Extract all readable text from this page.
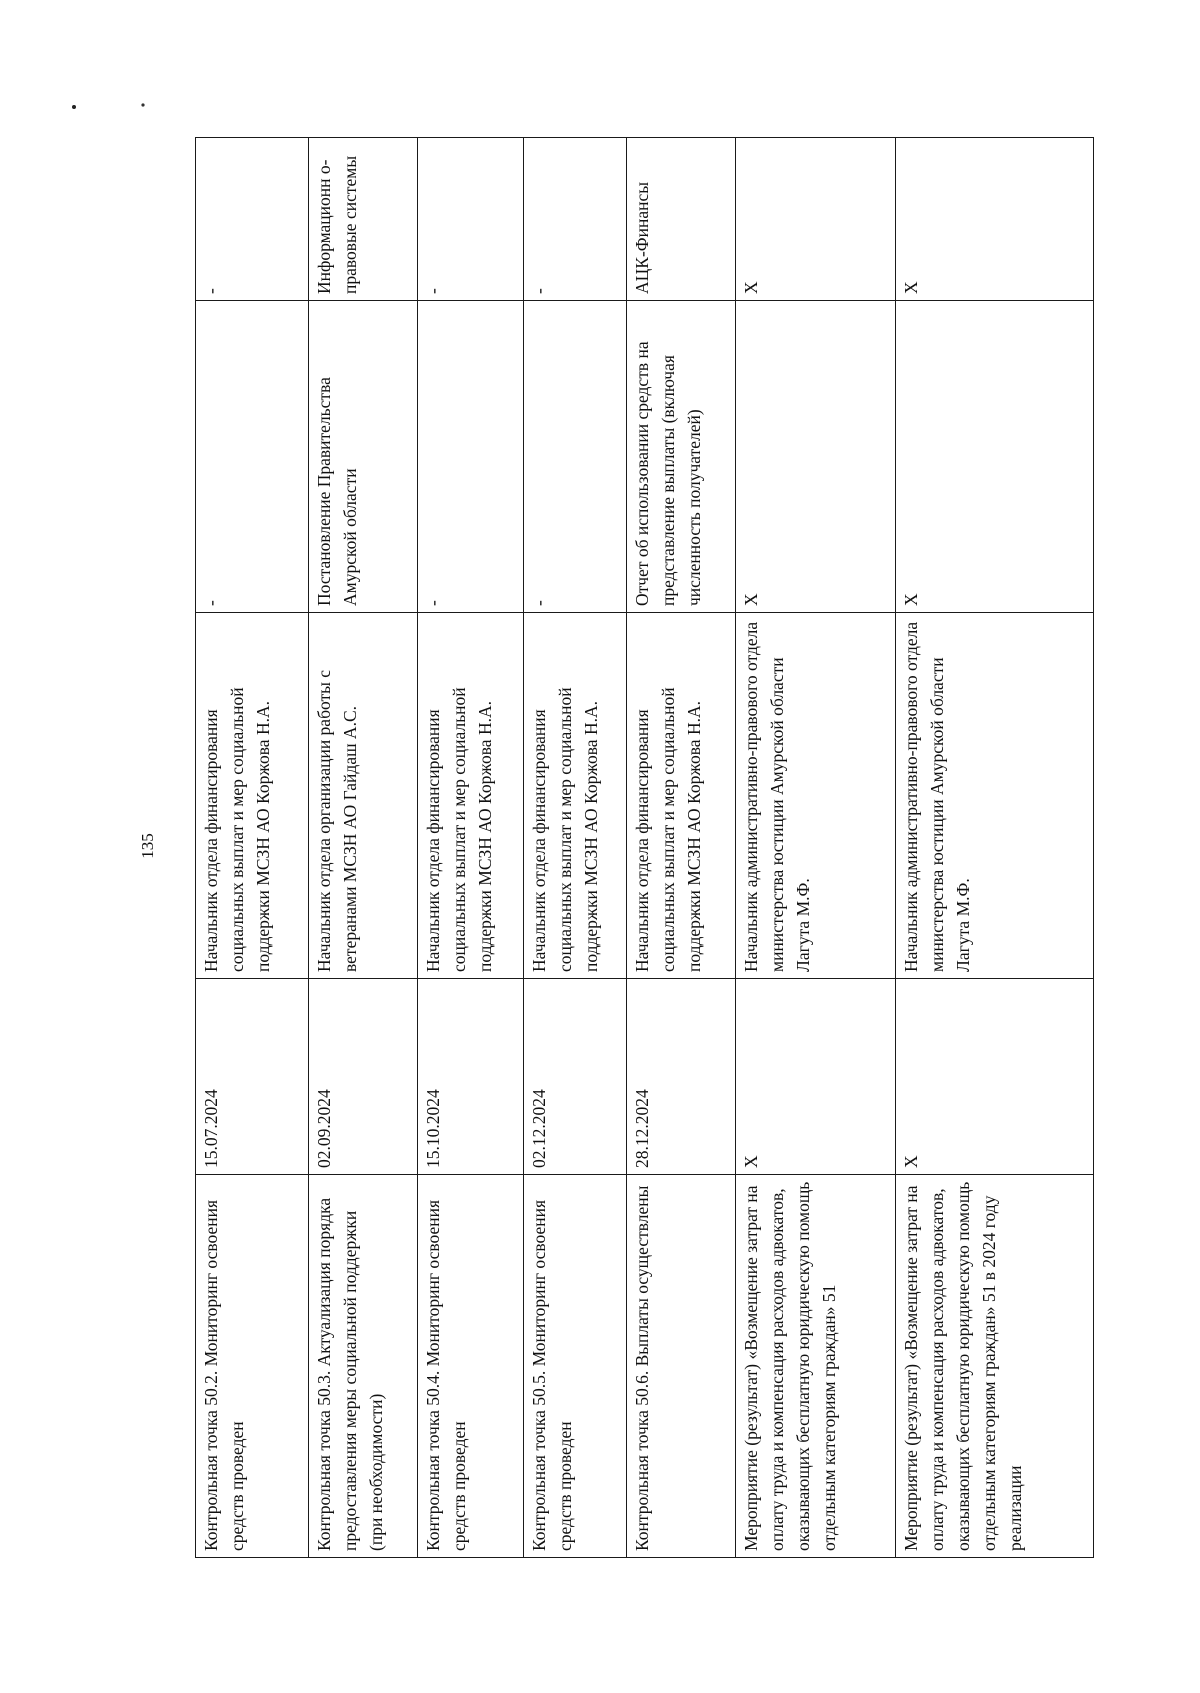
135
Контрольная точка 50.2. Мониторинг освоения средств проведен	15.07.2024	Начальник отдела финансирования социальных выплат и мер социальной поддержки МСЗН АО Коржова Н.А.	-	-
Контрольная точка 50.3. Актуализация порядка предоставления меры социальной поддержки (при необходимости)	02.09.2024	Начальник отдела организации работы с ветеранами МСЗН АО Гайдаш А.С.	Постановление Правительства Амурской области	Информационн о-правовые системы
Контрольная точка 50.4. Мониторинг освоения средств проведен	15.10.2024	Начальник отдела финансирования социальных выплат и мер социальной поддержки МСЗН АО Коржова Н.А.	-	-
Контрольная точка 50.5. Мониторинг освоения средств проведен	02.12.2024	Начальник отдела финансирования социальных выплат и мер социальной поддержки МСЗН АО Коржова Н.А.	-	-
Контрольная точка 50.6. Выплаты осуществлены	28.12.2024	Начальник отдела финансирования социальных выплат и мер социальной поддержки МСЗН АО Коржова Н.А.	Отчет об использовании средств на представление выплаты (включая численность получателей)	АЦК-Финансы
Мероприятие (результат) «Возмещение затрат на оплату труда и компенсация расходов адвокатов, оказывающих бесплатную юридическую помощь отдельным категориям граждан» 51	X	Начальник административно-правового отдела министерства юстиции Амурской области Лагута М.Ф.	X	X
Мероприятие (результат) «Возмещение затрат на оплату труда и компенсация расходов адвокатов, оказывающих бесплатную юридическую помощь отдельным категориям граждан» 51 в 2024 году реализации	X	Начальник административно-правового отдела министерства юстиции Амурской области Лагута М.Ф.	X	X
